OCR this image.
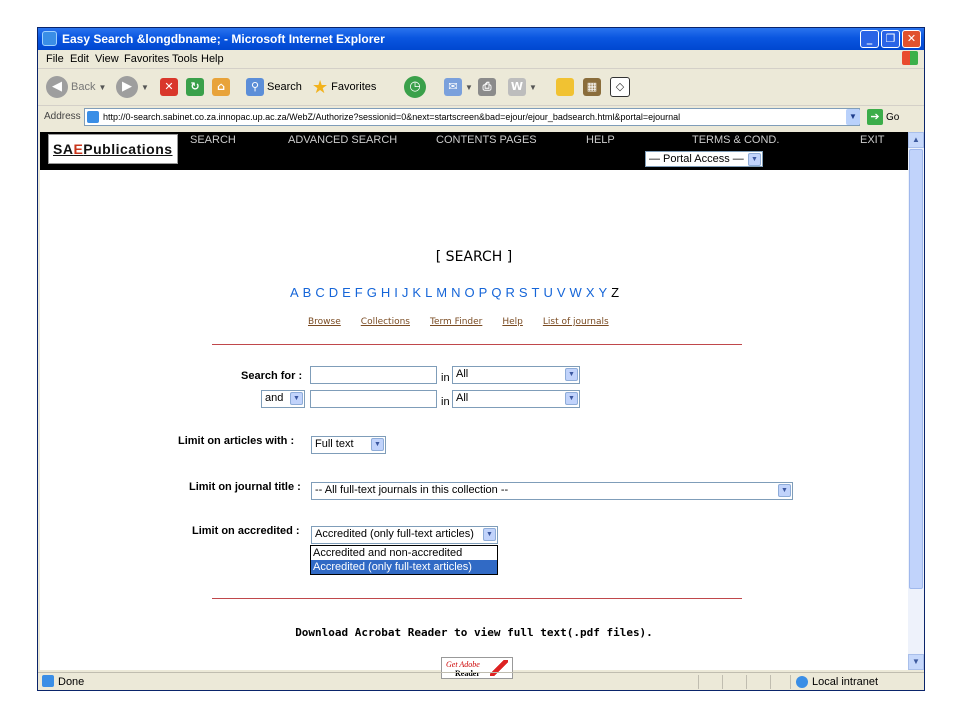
Easy Search &longdbname; - Microsoft Internet Explorer	_	❐	✕
File Edit View Favorites Tools Help
◀ Back ▼	▶	▼	✕	↻	⌂	⚲ Search ★ Favorites	◷	✉ ▼ ⎙	W ▼	▦	◇
Address	http://0-search.sabinet.co.za.innopac.up.ac.za/WebZ/Authorize?sessionid=0&next=startscreen&bad=ejour/ejour_badsearch.html&portal=ejournal	▼	➔ Go
SAEPublications
SEARCH	ADVANCED SEARCH	CONTENTS PAGES	HELP	TERMS & COND.	EXIT
— Portal Access —	▼
[ SEARCH ]
A B C D E F G H I J K L M N O P Q R S T U V W X Y Z
Browse Collections Term Finder Help List of journals
Search for :	in All	▼
and	▼	in All	▼
Limit on articles with :	Full text	▼
Limit on journal title :	-- All full-text journals in this collection --	▼
Limit on accredited :	Accredited (only full-text articles)	▼
Accredited and non-accredited
Accredited (only full-text articles)
Download Acrobat Reader to view full text(.pdf files).
Get Adobe
Reader
▲
▼
Done	Local intranet
